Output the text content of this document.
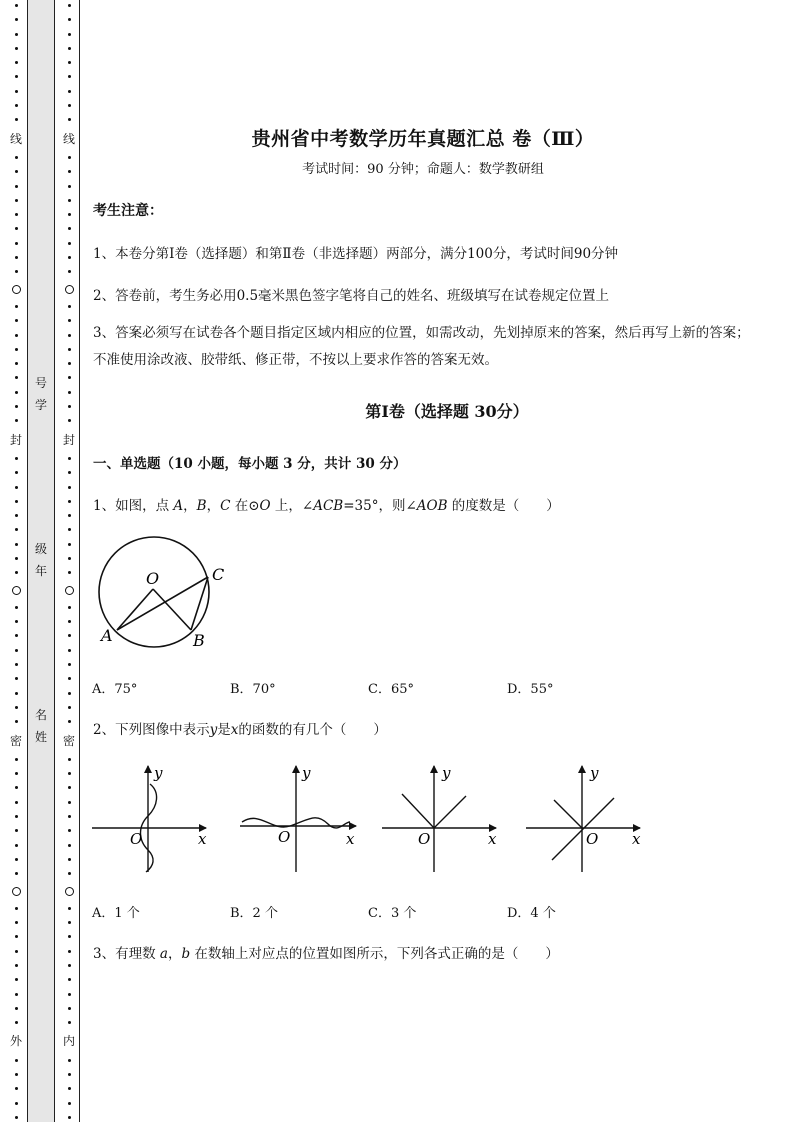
线
封
密
外
线
封
密
内
号
学
级
年
名
姓
贵州省中考数学历年真题汇总 卷（Ⅲ）
考试时间：90 分钟；命题人：数学教研组
考生注意：
1、本卷分第Ⅰ卷（选择题）和第Ⅱ卷（非选择题）两部分，满分100分，考试时间90分钟
2、答卷前，考生务必用0.5毫米黑色签字笔将自己的姓名、班级填写在试卷规定位置上
3、答案必须写在试卷各个题目指定区域内相应的位置，如需改动，先划掉原来的答案，然后再写上新的答案；不准使用涂改液、胶带纸、修正带，不按以上要求作答的答案无效。
第Ⅰ卷（选择题 30分）
一、单选题（10 小题，每小题 3 分，共计 30 分）
1、如图，点 A，B，C 在⊙O 上，∠ACB=35°，则∠AOB 的度数是（　　）
O
A	B
C
A．75°	B．70°	C．65°	D．55°
2、下列图像中表示y是x的函数的有几个（　　）
O	x
y
O	x
y
O	x
y
O x
y
A．1 个	B．2 个	C．3 个	D．4 个
3、有理数 a，b 在数轴上对应点的位置如图所示，下列各式正确的是（　　）
